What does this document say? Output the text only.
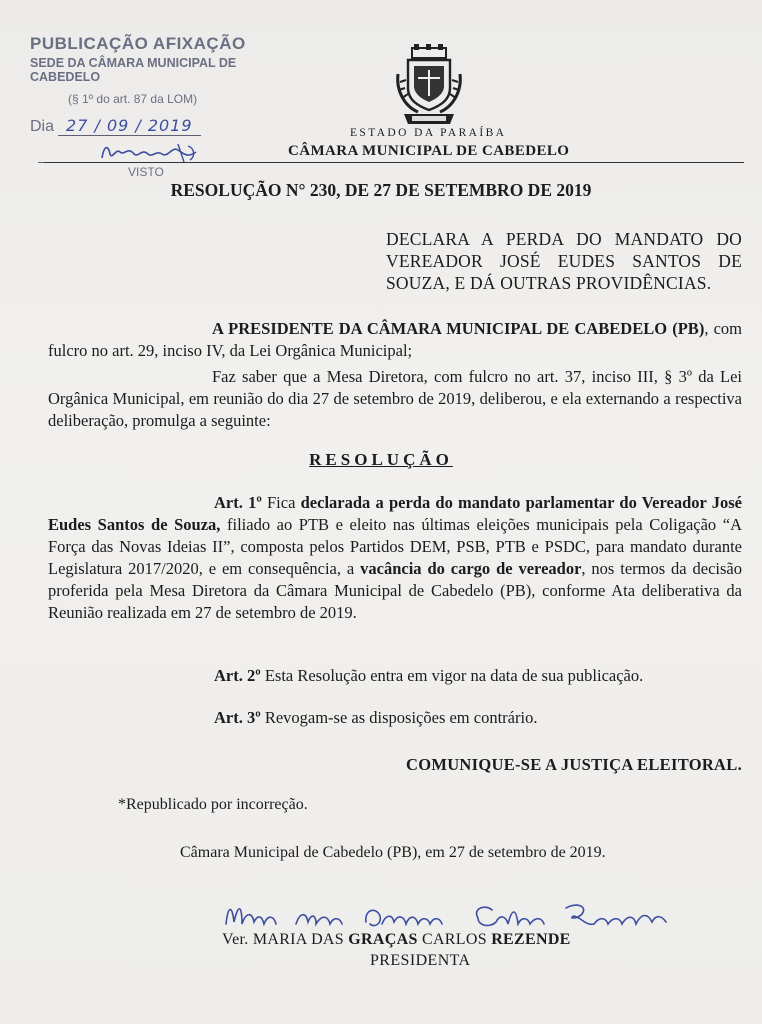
PUBLICAÇÃO AFIXAÇÃO
SEDE DA CÂMARA MUNICIPAL DE CABEDELO
(§ 1º do art. 87 da LOM)
Dia 27 / 09 / 2019
VISTO
ESTADO DA PARAÍBA
CÂMARA MUNICIPAL DE CABEDELO
RESOLUÇÃO N° 230, DE 27 DE SETEMBRO DE 2019
DECLARA A PERDA DO MANDATO DO VEREADOR JOSÉ EUDES SANTOS DE SOUZA, E DÁ OUTRAS PROVIDÊNCIAS.
A PRESIDENTE DA CÂMARA MUNICIPAL DE CABEDELO (PB), com fulcro no art. 29, inciso IV, da Lei Orgânica Municipal;
Faz saber que a Mesa Diretora, com fulcro no art. 37, inciso III, § 3º da Lei Orgânica Municipal, em reunião do dia 27 de setembro de 2019, deliberou, e ela externando a respectiva deliberação, promulga a seguinte:
RESOLUÇÃO
Art. 1º Fica declarada a perda do mandato parlamentar do Vereador José Eudes Santos de Souza, filiado ao PTB e eleito nas últimas eleições municipais pela Coligação “A Força das Novas Ideias II”, composta pelos Partidos DEM, PSB, PTB e PSDC, para mandato durante Legislatura 2017/2020, e em consequência, a vacância do cargo de vereador, nos termos da decisão proferida pela Mesa Diretora da Câmara Municipal de Cabedelo (PB), conforme Ata deliberativa da Reunião realizada em 27 de setembro de 2019.
Art. 2º Esta Resolução entra em vigor na data de sua publicação.
Art. 3º Revogam-se as disposições em contrário.
COMUNIQUE-SE A JUSTIÇA ELEITORAL.
*Republicado por incorreção.
Câmara Municipal de Cabedelo (PB), em 27 de setembro de 2019.
Ver. MARIA DAS GRAÇAS CARLOS REZENDE
PRESIDENTA
